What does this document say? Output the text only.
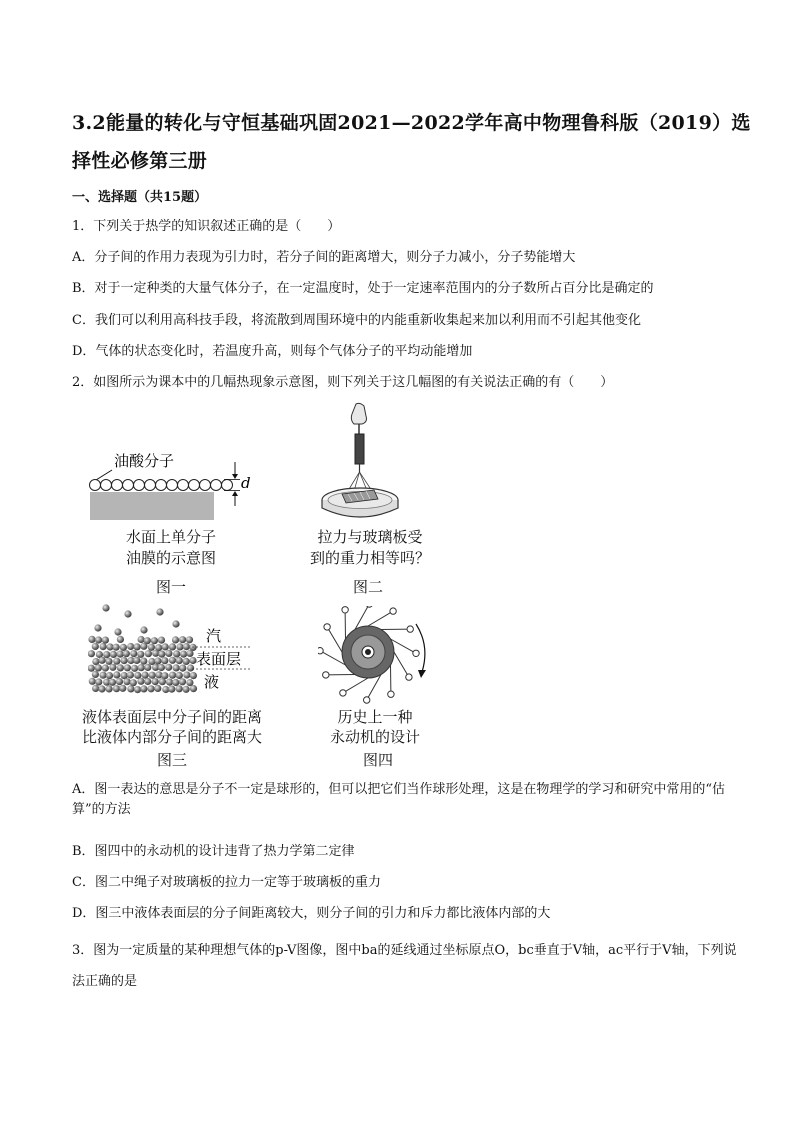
3.2能量的转化与守恒基础巩固2021—2022学年高中物理鲁科版（2019）选择性必修第三册
一、选择题（共15题）
1．下列关于热学的知识叙述正确的是（　　）
A．分子间的作用力表现为引力时，若分子间的距离增大，则分子力减小，分子势能增大
B．对于一定种类的大量气体分子，在一定温度时，处于一定速率范围内的分子数所占百分比是确定的
C．我们可以利用高科技手段，将流散到周围环境中的内能重新收集起来加以利用而不引起其他变化
D．气体的状态变化时，若温度升高，则每个气体分子的平均动能增加
2．如图所示为课本中的几幅热现象示意图，则下列关于这几幅图的有关说法正确的有（　　）
油酸分子
d
水面上单分子
油膜的示意图
图一
拉力与玻璃板受
到的重力相等吗？
图二
汽
表面层
液
液体表面层中分子间的距离
比液体内部分子间的距离大
图三
历史上一种
永动机的设计
图四
A．图一表达的意思是分子不一定是球形的，但可以把它们当作球形处理，这是在物理学的学习和研究中常用的“估算”的方法
B．图四中的永动机的设计违背了热力学第二定律
C．图二中绳子对玻璃板的拉力一定等于玻璃板的重力
D．图三中液体表面层的分子间距离较大，则分子间的引力和斥力都比液体内部的大
3．图为一定质量的某种理想气体的p-V图像，图中ba的延线通过坐标原点O，bc垂直于V轴，ac平行于V轴，下列说法正确的是
